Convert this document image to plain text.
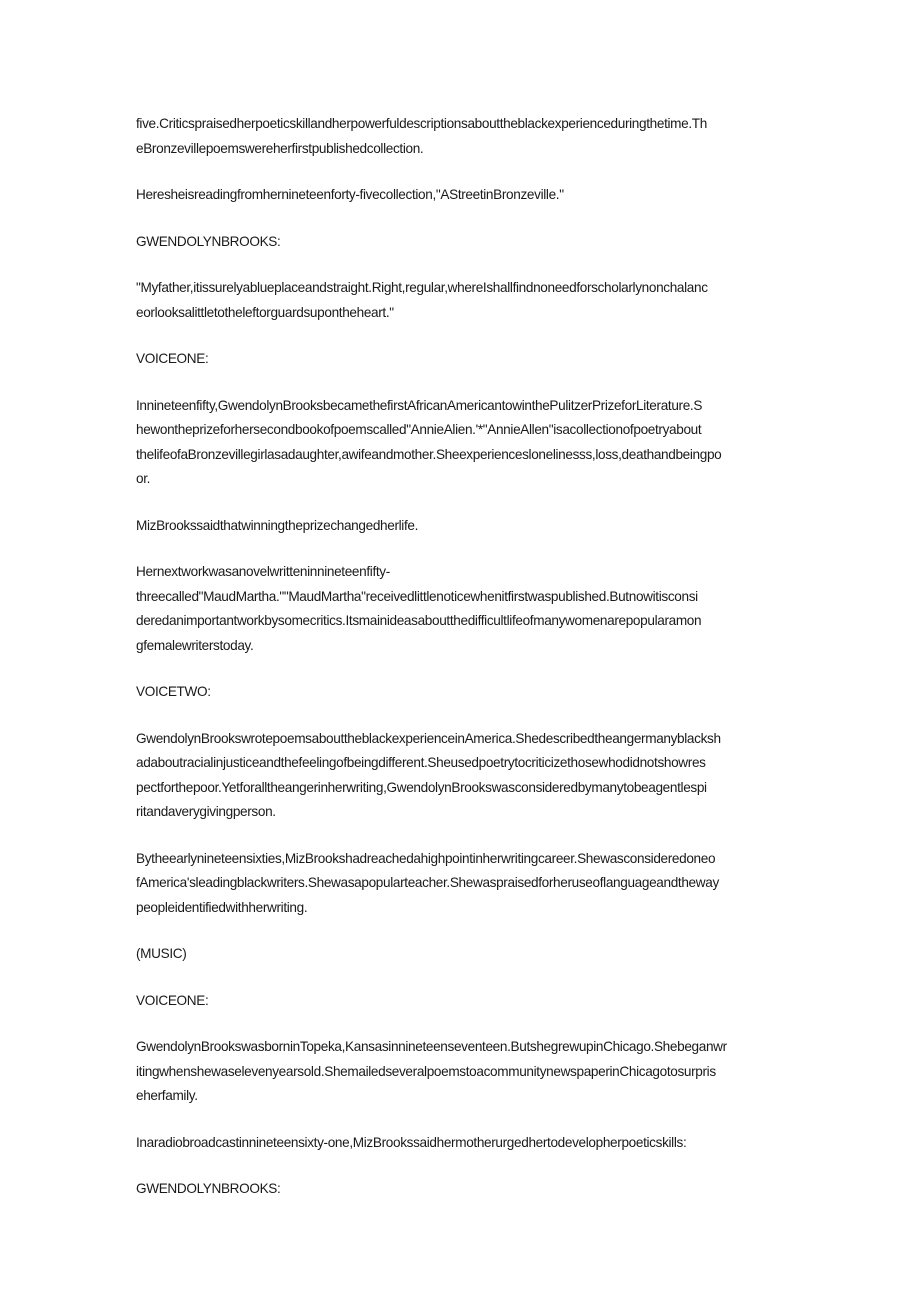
five.Criticspraisedherpoeticskillandherpowerfuldescriptionsabouttheblackexperienceduringthetime.Th
eBronzevillepoemswereherfirstpublishedcollection.

Heresheisreadingfromhernineteenforty-fivecollection,"AStreetinBronzeville."

GWENDOLYNBROOKS:

"Myfather,itissurelyablueplaceandstraight.Right,regular,whereIshallfindnoneedforscholarlynonchalanc
eorlooksalittletotheleftorguardsupontheheart."

VOICEONE:

Innineteenfifty,GwendolynBrooksbecamethefirstAfricanAmericantowinthePulitzerPrizeforLiterature.S
hewontheprizeforhersecondbookofpoemscalled"AnnieAlien.'*"AnnieAllen"isacollectionofpoetryabout
thelifeofaBronzevillegirlasadaughter,awifeandmother.Sheexperienceslonelinesss,loss,deathandbeingpo
or.

MizBrookssaidthatwinningtheprizechangedherlife.

Hernextworkwasanovelwritteninnineteenfifty-
threecalled"MaudMartha.""MaudMartha"receivedlittlenoticewhenitfirstwaspublished.Butnowitisconsi
deredanimportantworkbysomecritics.Itsmainideasaboutthedifficultlifeofmanywomenarepopularamon
gfemalewriterstoday.

VOICETWO:

GwendolynBrookswrotepoemsabouttheblackexperienceinAmerica.Shedescribedtheangermanyblacksh
adaboutracialinjusticeandthefeelingofbeingdifferent.Sheusedpoetrytocriticizethosewhodidnotshowres
pectforthepoor.Yetforalltheangerinherwriting,GwendolynBrookswasconsideredbymanytobeagentlespi
ritandaverygivingperson.

Bytheearlynineteensixties,MizBrookshadreachedahighpointinherwritingcareer.Shewasconsideredoneo
fAmerica'sleadingblackwriters.Shewasapopularteacher.Shewaspraisedforheruseoflanguageandtheway
peopleidentifiedwithherwriting.

(MUSIC)

VOICEONE:

GwendolynBrookswasborninTopeka,Kansasinnineteenseventeen.ButshegrewupinChicago.Shebeganwr
itingwhenshewaselevenyearsold.ShemailedseveralpoemstoacommunitynewspaperinChicagotosurpris
eherfamily.

Inaradiobroadcastinnineteensixty-one,MizBrookssaidhermotherurgedhertodevelopherpoeticskills:

GWENDOLYNBROOKS:
